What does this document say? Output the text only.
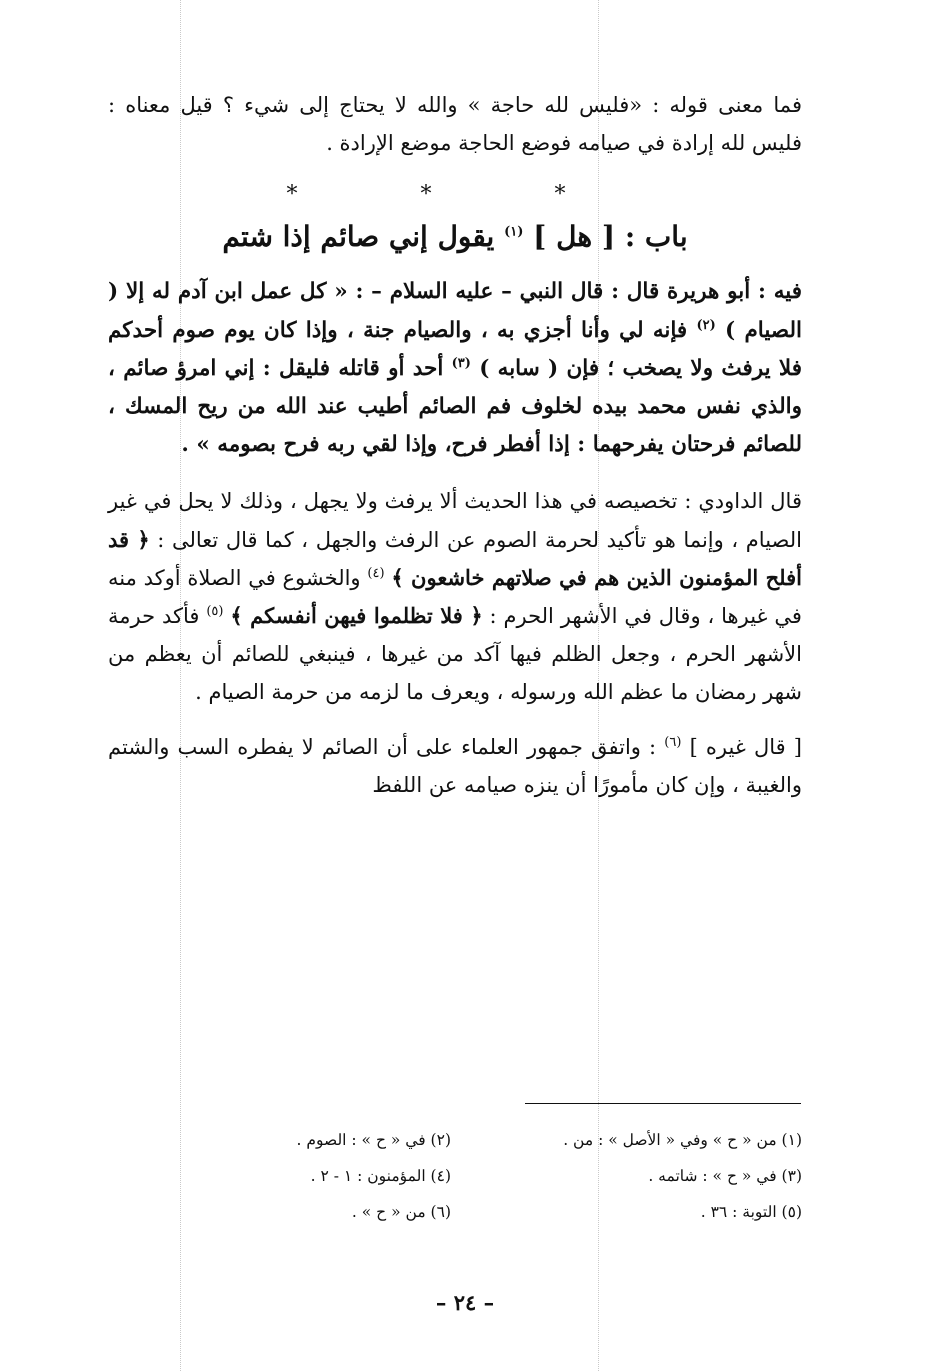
فما معنى قوله : «فليس لله حاجة » والله لا يحتاج إلى شيء ؟ قيل معناه : فليس لله إرادة في صيامه فوضع الحاجة موضع الإرادة .

* * *
باب : [ هل ] $^{(١)}$ يقول إني صائم إذا شتم

فيه : أبو هريرة قال : قال النبي – عليه السلام – : « كل عمل ابن آدم له إلا ( الصيام ) $^{(٢)}$ فإنه لي وأنا أجزي به ، والصيام جنة ، وإذا كان يوم صوم أحدكم فلا يرفث ولا يصخب ؛ فإن ( سابه ) $^{(٣)}$ أحد أو قاتله فليقل : إني امرؤ صائم ، والذي نفس محمد بيده لخلوف فم الصائم أطيب عند الله من ريح المسك ، للصائم فرحتان يفرحهما : إذا أفطر فرح، وإذا لقي ربه فرح بصومه » .

قال الداودي : تخصيصه في هذا الحديث ألا يرفث ولا يجهل ، وذلك لا يحل في غير الصيام ، وإنما هو تأكيد لحرمة الصوم عن الرفث والجهل ، كما قال تعالى : ﴿ قد أفلح المؤمنون الذين هم في صلاتهم خاشعون ﴾ $^{(٤)}$ والخشوع في الصلاة أوكد منه في غيرها ، وقال في الأشهر الحرم : ﴿ فلا تظلموا فيهن أنفسكم ﴾ $^{(٥)}$ فأكد حرمة الأشهر الحرم ، وجعل الظلم فيها آكد من غيرها ، فينبغي للصائم أن يعظم من شهر رمضان ما عظم الله ورسوله ، ويعرف ما لزمه من حرمة الصيام .

[ قال غيره ] $^{(٦)}$ : واتفق جمهور العلماء على أن الصائم لا يفطره السب والشتم والغيبة ، وإن كان مأمورًا أن ينزه صيامه عن اللفظ

(١) من « ح » وفي « الأصل » : من .
(٢) في « ح » : الصوم .
(٣) في « ح » : شاتمه .
(٤) المؤمنون : ١ - ٢ .
(٥) التوبة : ٣٦ .
(٦) من « ح » .
– ٢٤ –
